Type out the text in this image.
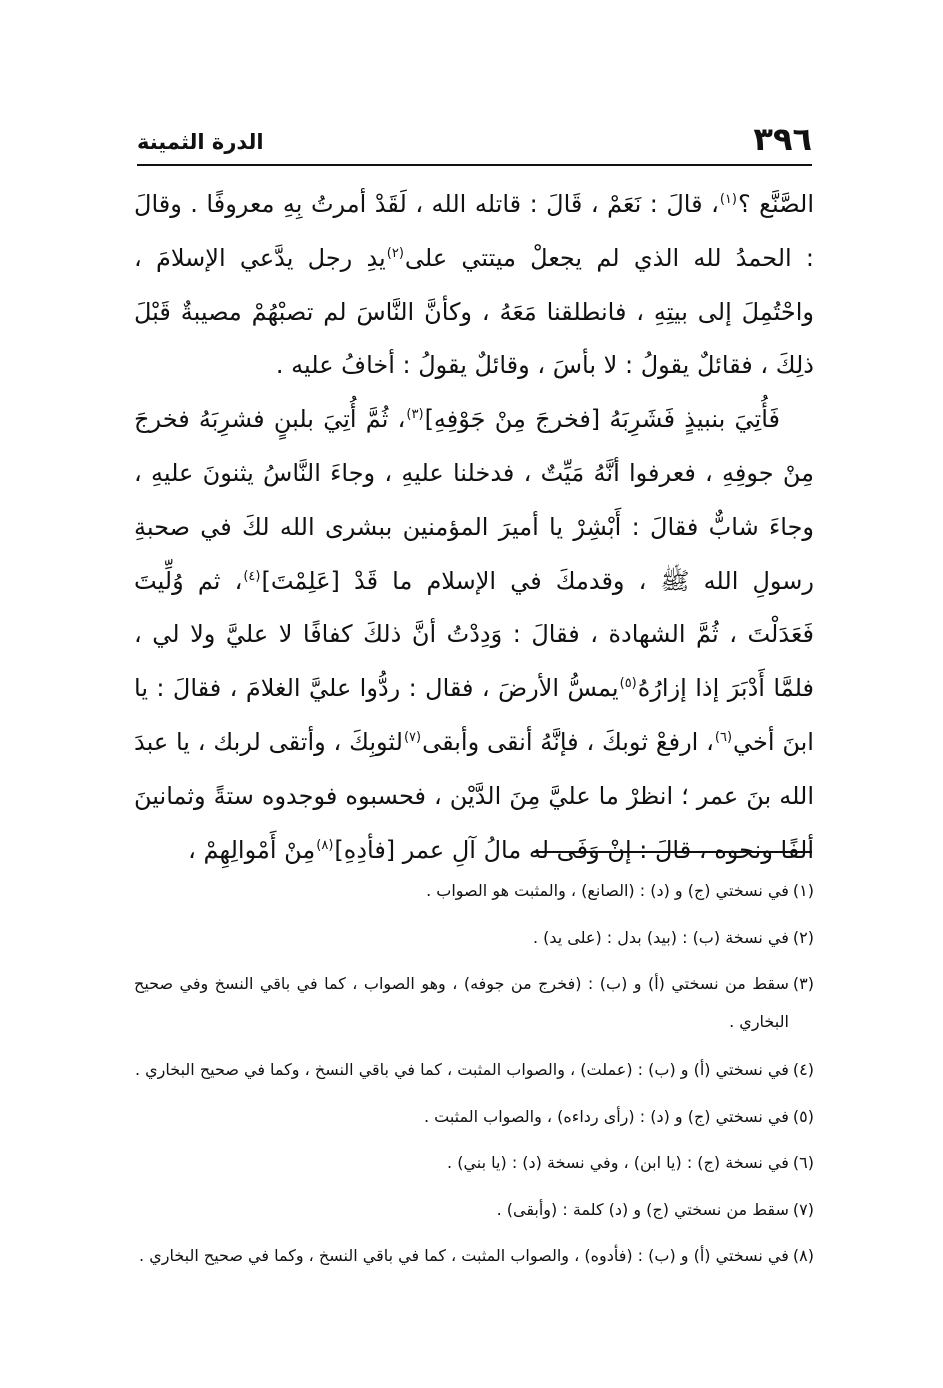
٣٩٦
الدرة الثمينة

الصَّنَّع ؟$^{(١)}$، قالَ : نَعَمْ ، قَالَ : قاتله الله ، لَقَدْ أمرتُ بِهِ معروفًا . وقالَ : الحمدُ لله الذي لم يجعلْ ميتتي على$^{(٢)}$يدِ رجل يدَّعي الإسلامَ ، واحْتُمِلَ إلى بيتِهِ ، فانطلقنا مَعَهُ ، وكأنَّ النَّاسَ لم تصبْهُمْ مصيبةٌ قَبْلَ ذلِكَ ، فقائلٌ يقولُ : لا بأسَ ، وقائلٌ يقولُ : أخافُ عليه .

فَأُتِيَ بنبيذٍ فَشَرِبَهُ [فخرجَ مِنْ جَوْفِهِ]$^{(٣)}$، ثُمَّ أُتِيَ بلبنٍ فشرِبَهُ فخرجَ مِنْ جوفِهِ ، فعرفوا أنَّهُ مَيِّتٌ ، فدخلنا عليهِ ، وجاءَ النَّاسُ يثنونَ عليهِ ، وجاءَ شابٌّ فقالَ : أَبْشِرْ يا أميرَ المؤمنين ببشرى الله لكَ في صحبةِ رسولِ الله ﷺ ، وقدمكَ في الإسلام ما قَدْ [عَلِمْتَ]$^{(٤)}$، ثم وُلِّيتَ فَعَدَلْتَ ، ثُمَّ الشهادة ، فقالَ : وَدِدْتُ أنَّ ذلكَ كفافًا لا عليَّ ولا لي ، فلمَّا أَدْبَرَ إذا إزارُهُ$^{(٥)}$يمسُّ الأرضَ ، فقال : ردُّوا عليَّ الغلامَ ، فقالَ : يا ابنَ أخي$^{(٦)}$، ارفعْ ثوبكَ ، فإنَّهُ أنقى وأبقى$^{(٧)}$لثوبِكَ ، وأتقى لربك ، يا عبدَ الله بنَ عمر ؛ انظرْ ما عليَّ مِنَ الدَّيْن ، فحسبوه فوجدوه ستةً وثمانينَ ألفًا ونحوه ، قالَ : إنْ وَفَى له مالُ آلِ عمر [فأدِهِ]$^{(٨)}$مِنْ أَمْوالِهِمْ ،

(١)
في نسختي (ج) و (د) : (الصانع) ، والمثبت هو الصواب .
(٢)
في نسخة (ب) : (بيد) بدل : (على يد) .
(٣)
سقط من نسختي (أ) و (ب) : (فخرج من جوفه) ، وهو الصواب ، كما في باقي النسخ وفي صحيح البخاري .
(٤)
في نسختي (أ) و (ب) : (عملت) ، والصواب المثبت ، كما في باقي النسخ ، وكما في صحيح البخاري .
(٥)
في نسختي (ج) و (د) : (رأى رداءه) ، والصواب المثبت .
(٦)
في نسخة (ج) : (يا ابن) ، وفي نسخة (د) : (يا بني) .
(٧)
سقط من نسختي (ج) و (د) كلمة : (وأبقى) .
(٨)
في نسختي (أ) و (ب) : (فأدوه) ، والصواب المثبت ، كما في باقي النسخ ، وكما في صحيح البخاري .
